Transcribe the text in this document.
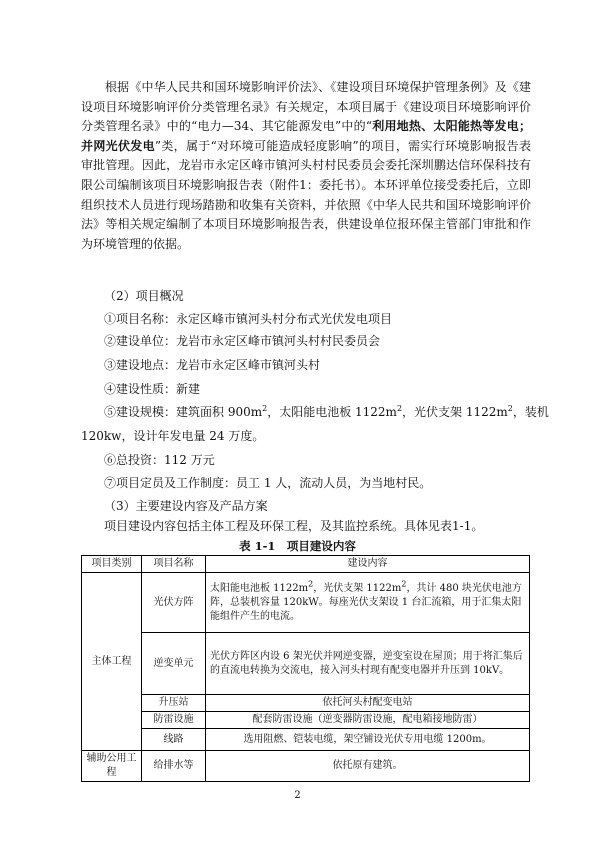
根据《中华人民共和国环境影响评价法》、《建设项目环境保护管理条例》及《建设项目环境影响评价分类管理名录》有关规定，本项目属于《建设项目环境影响评价分类管理名录》中的“电力—34、其它能源发电”中的“利用地热、太阳能热等发电；并网光伏发电”类，属于“对环境可能造成轻度影响”的项目，需实行环境影响报告表审批管理。因此，龙岩市永定区峰市镇河头村村民委员会委托深圳鹏达信环保科技有限公司编制该项目环境影响报告表（附件1：委托书）。本环评单位接受委托后，立即组织技术人员进行现场踏勘和收集有关资料，并依照《中华人民共和国环境影响评价法》等相关规定编制了本项目环境影响报告表，供建设单位报环保主管部门审批和作为环境管理的依据。
（2）项目概况
①项目名称：永定区峰市镇河头村分布式光伏发电项目
②建设单位：龙岩市永定区峰市镇河头村村民委员会
③建设地点：龙岩市永定区峰市镇河头村
④建设性质：新建
⑤建设规模：建筑面积 $900m^2$，太阳能电池板 $1122m^2$，光伏支架 $1122m^2$，装机
120kw，设计年发电量 24 万度。
⑥总投资：112 万元
⑦项目定员及工作制度：员工 1 人，流动人员，为当地村民。
（3）主要建设内容及产品方案
项目建设内容包括主体工程及环保工程，及其监控系统。具体见表1-1。
表 1-1　项目建设内容
项目类别	项目名称	建设内容
主体工程	光伏方阵	太阳能电池板 $1122m^2$，光伏支架 $1122m^2$，共计 480 块光伏电池方阵，总装机容量 120kW。每座光伏支架设 1 台汇流箱，用于汇集太阳能组件产生的电流。
	逆变单元	光伏方阵区内设 6 架光伏并网逆变器，逆变室设在屋顶；用于将汇集后的直流电转换为交流电，接入河头村现有配变电器并升压到 10kV。
	升压站	依托河头村配变电站
	防雷设施	配套防雷设施（逆变器防雷设施，配电箱接地防雷）
	线路	选用阻燃、铠装电缆，架空铺设光伏专用电缆 1200m。
辅助公用工程	给排水等	依托原有建筑。
2
